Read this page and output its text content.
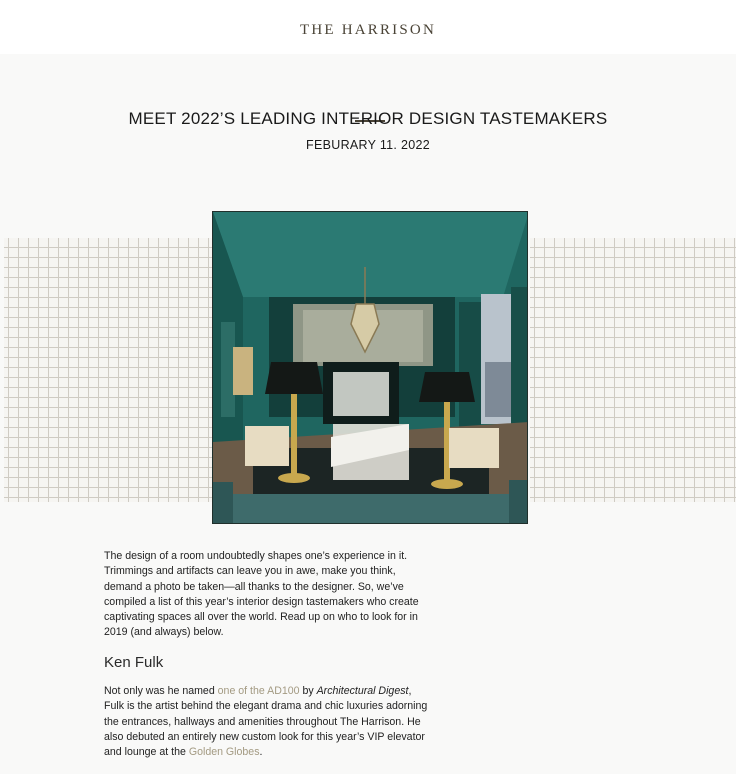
THE HARRISON
MEET 2022’S LEADING INTERIOR DESIGN TASTEMAKERS
FEBURARY 11. 2022
The design of a room undoubtedly shapes one’s experience in it. Trimmings and artifacts can leave you in awe, make you think, demand a photo be taken—all thanks to the designer. So, we’ve compiled a list of this year’s interior design tastemakers who create captivating spaces all over the world. Read up on who to look for in 2019 (and always) below.
Ken Fulk
Not only was he named one of the AD100 by Architectural Digest, Fulk is the artist behind the elegant drama and chic luxuries adorning the entrances, hallways and amenities throughout The Harrison. He also debuted an entirely new custom look for this year’s VIP elevator and lounge at the Golden Globes.
